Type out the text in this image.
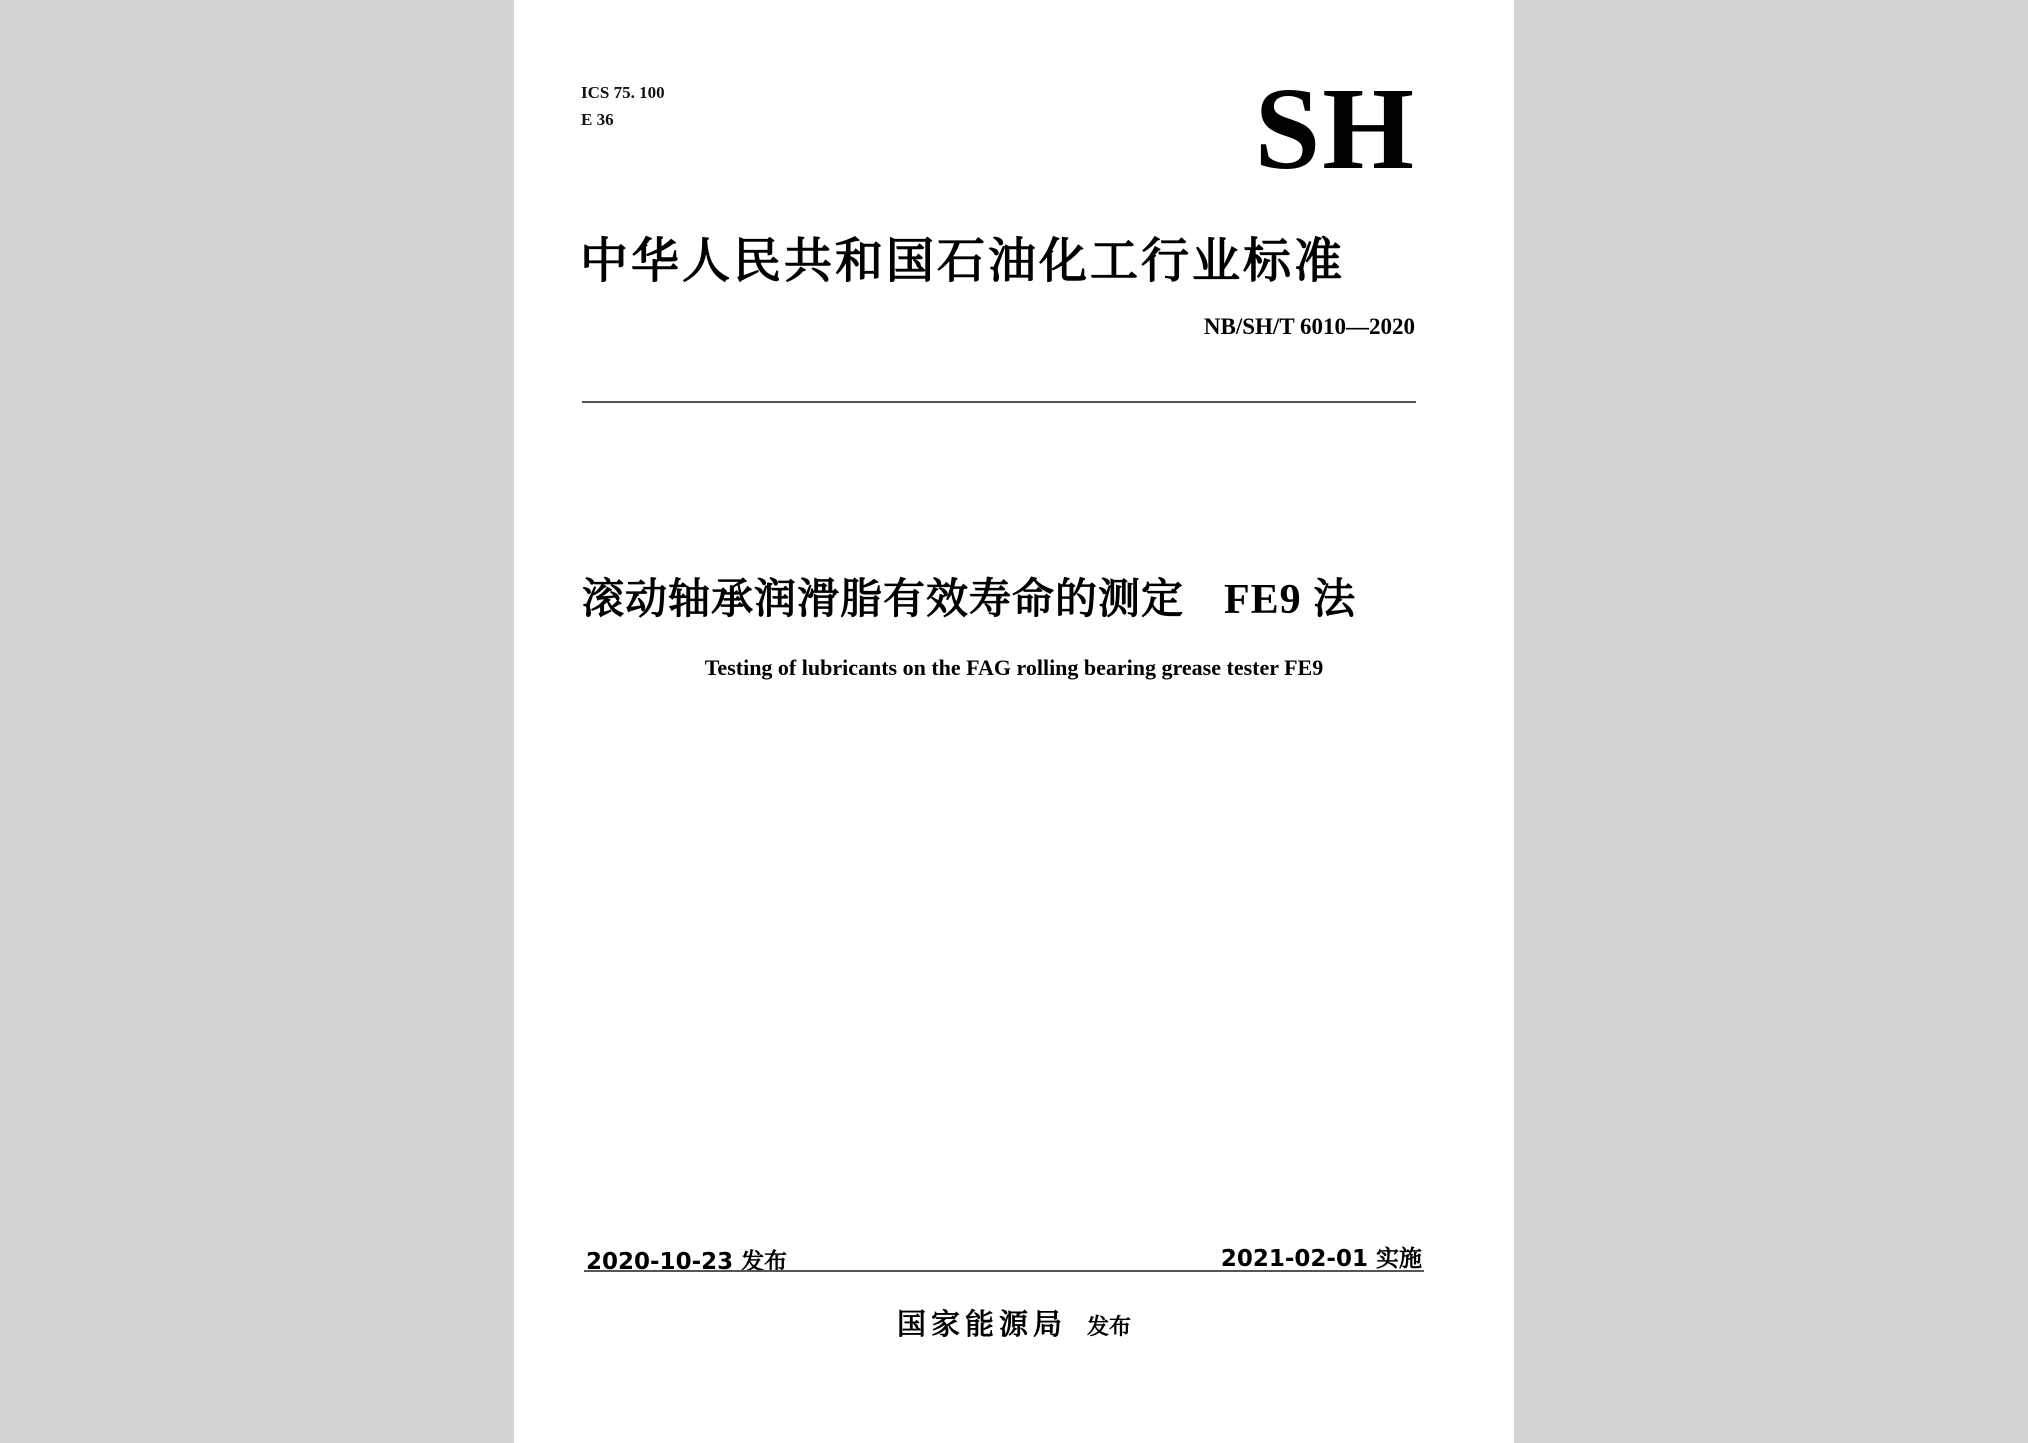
ICS 75. 100
E 36	SH
中华人民共和国石油化工行业标准
NB/SH/T 6010—2020
滚动轴承润滑脂有效寿命的测定 FE9 法
Testing of lubricants on the FAG rolling bearing grease tester FE9
2020-10-23 发布	2021-02-01 实施
国家能源局 发布
